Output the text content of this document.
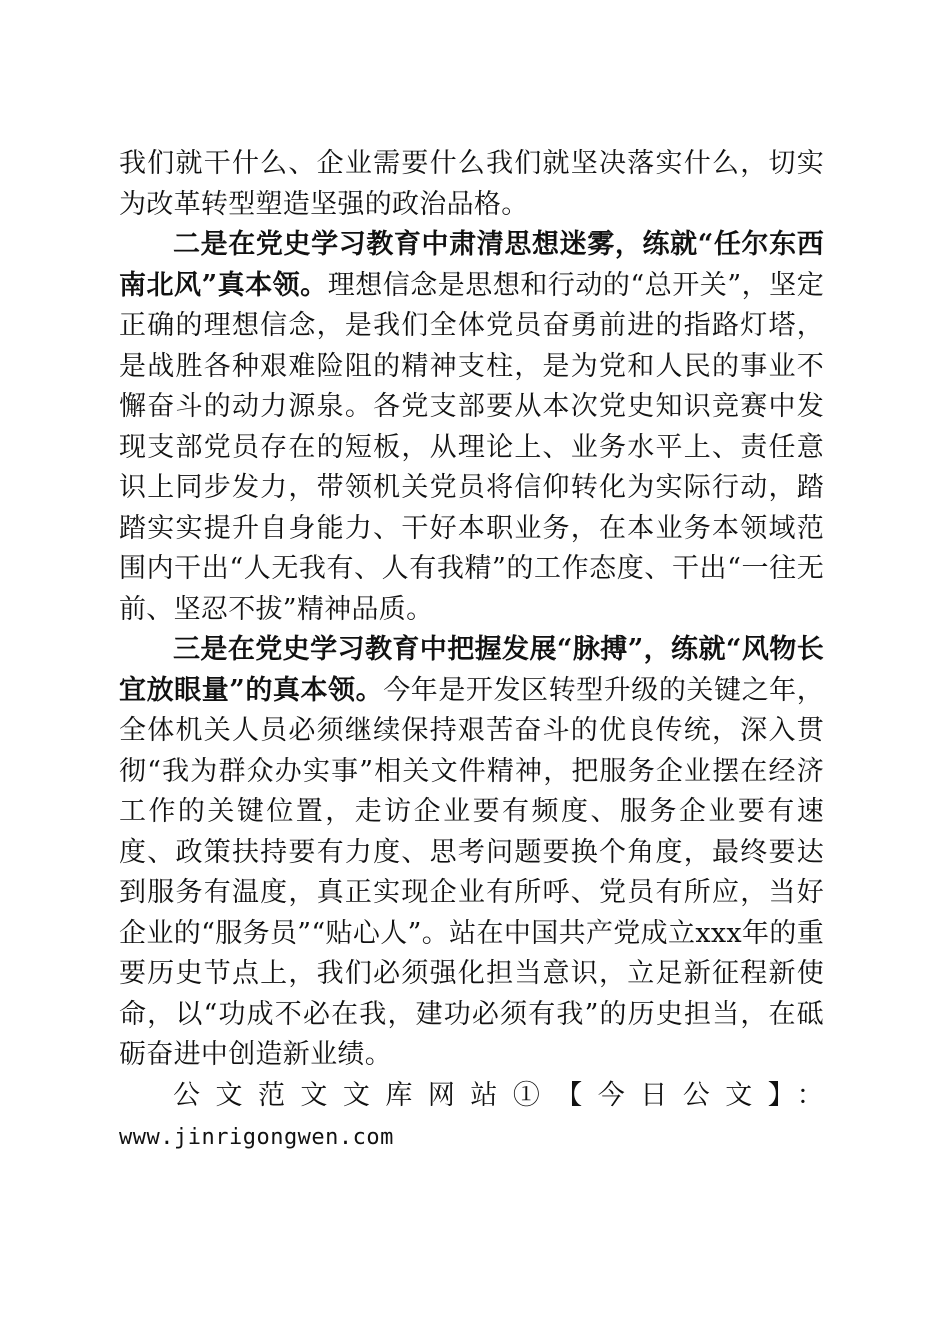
我们就干什么、企业需要什么我们就坚决落实什么，切实为改革转型塑造坚强的政治品格。

二是在党史学习教育中肃清思想迷雾，练就“任尔东西南北风”真本领。理想信念是思想和行动的“总开关”，坚定正确的理想信念，是我们全体党员奋勇前进的指路灯塔，是战胜各种艰难险阻的精神支柱，是为党和人民的事业不懈奋斗的动力源泉。各党支部要从本次党史知识竞赛中发现支部党员存在的短板，从理论上、业务水平上、责任意识上同步发力，带领机关党员将信仰转化为实际行动，踏踏实实提升自身能力、干好本职业务，在本业务本领域范围内干出“人无我有、人有我精”的工作态度、干出“一往无前、坚忍不拔”精神品质。

三是在党史学习教育中把握发展“脉搏”，练就“风物长宜放眼量”的真本领。今年是开发区转型升级的关键之年，全体机关人员必须继续保持艰苦奋斗的优良传统，深入贯彻“我为群众办实事”相关文件精神，把服务企业摆在经济工作的关键位置，走访企业要有频度、服务企业要有速度、政策扶持要有力度、思考问题要换个角度，最终要达到服务有温度，真正实现企业有所呼、党员有所应，当好企业的“服务员”“贴心人”。站在中国共产党成立xxx年的重要历史节点上，我们必须强化担当意识，立足新征程新使命，以“功成不必在我，建功必须有我”的历史担当，在砥砺奋进中创造新业绩。

公文范文文库网站①【今日公文】：www.jinrigongwen.com
